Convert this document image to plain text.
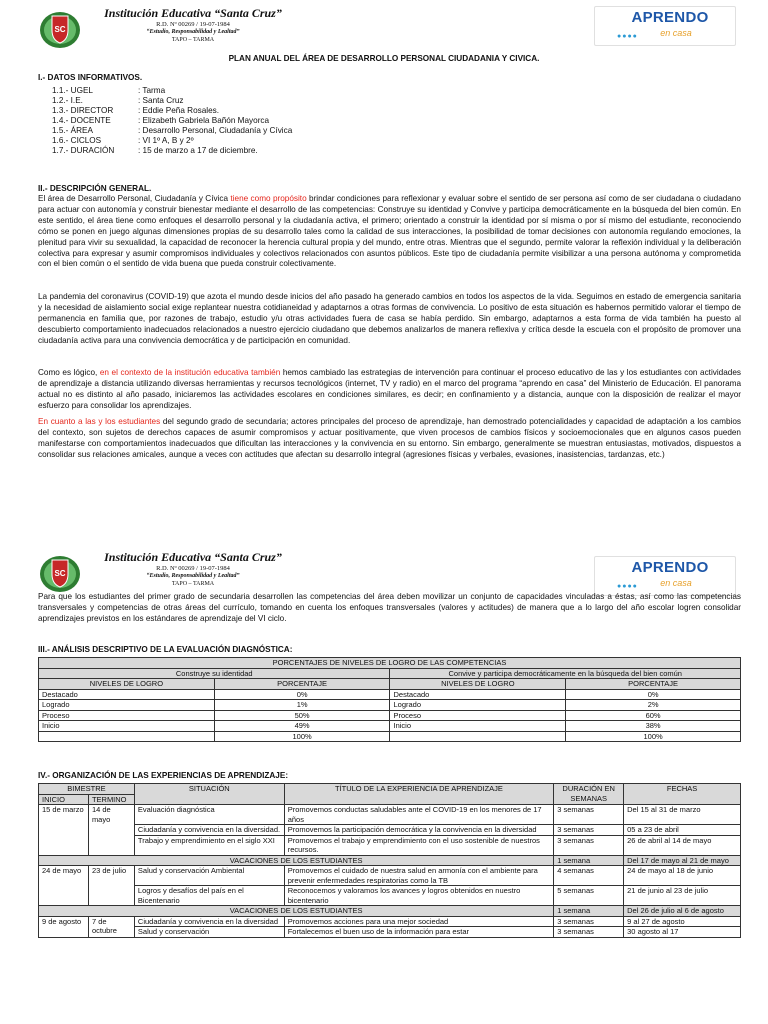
SC
Institución Educativa “Santa Cruz”
R.D. Nº 00269 / 19-07-1984
“Estudio, Responsabilidad y Lealtad”
TAPO – TARMA
APRENDO
en casa
●●●●
PLAN ANUAL DEL ÁREA DE DESARROLLO PERSONAL CIUDADANIA Y CIVICA.
I.- DATOS INFORMATIVOS.
1.1.- UGEL	: Tarma
1.2.- I.E.	: Santa Cruz
1.3.- DIRECTOR	: Eddie Peña Rosales.
1.4.- DOCENTE	: Elizabeth Gabriela Bañón Mayorca
1.5.- ÁREA	: Desarrollo Personal, Ciudadanía y Cívica
1.6.- CICLOS	: VI 1º A, B y 2º
1.7.- DURACIÓN	: 15 de marzo a 17 de diciembre.
II.- DESCRIPCIÓN GENERAL.
El área de Desarrollo Personal, Ciudadanía y Cívica tiene como propósito brindar condiciones para reflexionar y evaluar sobre el sentido de ser persona así como de ser ciudadana o ciudadano para actuar con autonomía y construir bienestar mediante el desarrollo de las competencias: Construye su identidad y Convive y participa democráticamente en la búsqueda del bien común. En este sentido, el área tiene como enfoques el desarrollo personal y la ciudadanía activa, el primero; orientado a construir la identidad por sí misma o por sí mismo del estudiante, reconociendo cómo se ponen en juego algunas dimensiones propias de su desarrollo tales como la calidad de sus interacciones, la posibilidad de tomar decisiones con autonomía regulando emociones, la plenitud para vivir su sexualidad, la capacidad de reconocer la herencia cultural propia y del mundo, entre otras. Mientras que el segundo, permite valorar la reflexión individual y la deliberación colectiva para expresar y asumir compromisos individuales y colectivos relacionados con asuntos públicos. Este tipo de ciudadanía permite visibilizar a una persona autónoma y comprometida con el bien común o el sentido de vida buena que pueda construir colectivamente.
La pandemia del coronavirus (COVID-19) que azota el mundo desde inicios del año pasado ha generado cambios en todos los aspectos de la vida. Seguimos en estado de emergencia sanitaria y la necesidad de aislamiento social exige replantear nuestra cotidianeidad y adaptarnos a otras formas de convivencia. Lo positivo de esta situación es habernos permitido valorar el tiempo de permanencia en familia que, por razones de trabajo, estudio y/u otras actividades fuera de casa se había perdido. Sin embargo, adaptarnos a esta forma de vida también ha puesto al descubierto comportamiento inadecuados relacionados a nuestro ejercicio ciudadano que debemos analizarlos de manera reflexiva y crítica desde la escuela con el propósito de promover una ciudadanía activa para una convivencia democrática y de participación en comunidad.
Como es lógico, en el contexto de la institución educativa también hemos cambiado las estrategias de intervención para continuar el proceso educativo de las y los estudiantes con actividades de aprendizaje a distancia utilizando diversas herramientas y recursos tecnológicos (internet, TV y radio) en el marco del programa “aprendo en casa” del Ministerio de Educación. El panorama actual no es distinto al año pasado, iniciaremos las actividades escolares en condiciones similares, es decir; en confinamiento y a distancia, aunque con la disposición de realizar el mayor esfuerzo para consolidar los aprendizajes.
En cuanto a las y los estudiantes del segundo grado de secundaria; actores principales del proceso de aprendizaje, han demostrado potencialidades y capacidad de adaptación a los cambios del contexto, son sujetos de derechos capaces de asumir compromisos y actuar positivamente, que viven procesos de cambios físicos y socioemocionales que en algunos casos pueden manifestarse con comportamientos inadecuados que dificultan las interacciones y la convivencia en su entorno. Sin embargo, generalmente se muestran entusiastas, motivados, dispuestos a consolidar sus relaciones amicales, aunque a veces con actitudes que afectan su desarrollo integral (agresiones físicas y verbales, evasiones, inasistencias, tardanzas, etc.)
SC
Institución Educativa “Santa Cruz”
R.D. Nº 00269 / 19-07-1984
“Estudio, Responsabilidad y Lealtad”
TAPO – TARMA
APRENDO
en casa
●●●●
Para que los estudiantes del primer grado de secundaria desarrollen las competencias del área deben movilizar un conjunto de capacidades vinculadas a éstas, así como las competencias transversales y competencias de otras áreas del currículo, tomando en cuenta los enfoques transversales (valores y actitudes) de manera que a lo largo del año escolar logren consolidar aprendizajes previstos en los estándares de aprendizaje del VI ciclo.
III.- ANÁLISIS DESCRIPTIVO DE LA EVALUACIÓN DIAGNÓSTICA:
PORCENTAJES DE NIVELES DE LOGRO DE LAS COMPETENCIAS			
Construye su identidad		Convive y participa democráticamente en la búsqueda del bien común	
NIVELES DE LOGRO	PORCENTAJE	NIVELES DE LOGRO	PORCENTAJE
Destacado	0%	Destacado	0%
Logrado	1%	Logrado	2%
Proceso	50%	Proceso	60%
Inicio	49%	Inicio	38%
	100%		100%
IV.- ORGANIZACIÓN DE LAS EXPERIENCIAS DE APRENDIZAJE:
BIMESTRE		SITUACIÓN	TÍTULO DE LA EXPERIENCIA DE APRENDIZAJE	DURACIÓN EN SEMANAS	FECHAS
INICIO	TERMINO				
15 de marzo	14 de mayo	Evaluación diagnóstica	Promovemos conductas saludables ante el COVID-19 en los menores de 17 años	3 semanas	Del 15 al 31 de marzo
		Ciudadanía y convivencia en la diversidad.	Promovemos la participación democrática y la convivencia en la diversidad	3 semanas	05 a 23 de abril
		Trabajo y emprendimiento en el siglo XXI	Promovemos el trabajo y emprendimiento con el uso sostenible de nuestros recursos.	3 semanas	26 de abril al 14 de mayo
VACACIONES DE LOS ESTUDIANTES				1 semana	Del 17 de mayo al 21 de mayo
24 de mayo	23 de julio	Salud y conservación Ambiental	Promovemos el cuidado de nuestra salud en armonía con el ambiente para prevenir enfermedades respiratorias como la TB	4 semanas	24 de mayo al 18 de junio
		Logros y desafíos del país en el Bicentenario	Reconocemos y valoramos los avances y logros obtenidos en nuestro bicentenario	5 semanas	21 de junio al 23 de julio
VACACIONES DE LOS ESTUDIANTES				1 semana	Del 26 de julio al 6 de agosto
9 de agosto	7 de octubre	Ciudadanía y convivencia en la diversidad	Promovemos acciones para una mejor sociedad	3 semanas	9 al 27 de agosto
		Salud y conservación	Fortalecemos el buen uso de la información para estar	3 semanas	30 agosto al 17
